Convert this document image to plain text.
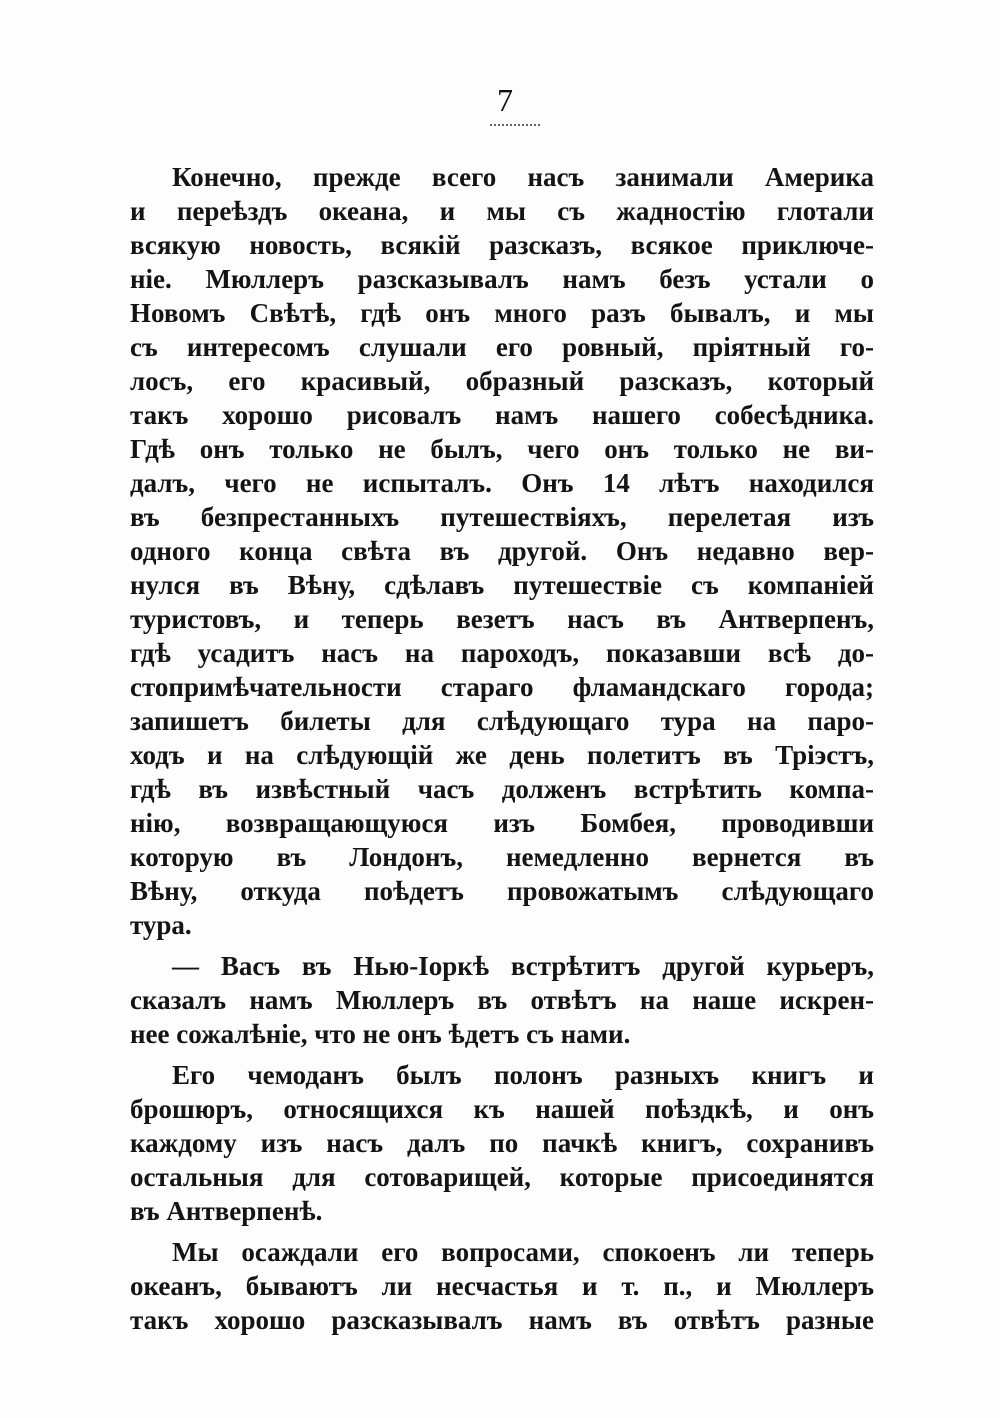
7
Конечно, прежде всего насъ занимали Америка
и переѣздъ океана, и мы съ жадностію глотали
всякую новость, всякій разсказъ, всякое приключе-
ніе. Мюллеръ разсказывалъ намъ безъ устали о
Новомъ Свѣтѣ, гдѣ онъ много разъ бывалъ, и мы
съ интересомъ слушали его ровный, пріятный го-
лосъ, его красивый, образный разсказъ, который
такъ хорошо рисовалъ намъ нашего собесѣдника.
Гдѣ онъ только не былъ, чего онъ только не ви-
далъ, чего не испыталъ. Онъ 14 лѣтъ находился
въ безпрестанныхъ путешествіяхъ, перелетая изъ
одного конца свѣта въ другой. Онъ недавно вер-
нулся въ Вѣну, сдѣлавъ путешествіе съ компаніей
туристовъ, и теперь везетъ насъ въ Антверпенъ,
гдѣ усадитъ насъ на пароходъ, показавши всѣ до-
стопримѣчательности стараго фламандскаго города;
запишетъ билеты для слѣдующаго тура на паро-
ходъ и на слѣдующій же день полетитъ въ Тріэстъ,
гдѣ въ извѣстный часъ долженъ встрѣтить компа-
нію, возвращающуюся изъ Бомбея, проводивши
которую въ Лондонъ, немедленно вернется въ
Вѣну, откуда поѣдетъ провожатымъ слѣдующаго
тура.
— Васъ въ Нью-Іоркѣ встрѣтитъ другой курьеръ,
сказалъ намъ Мюллеръ въ отвѣтъ на наше искрен-
нее сожалѣніе, что не онъ ѣдетъ съ нами.
Его чемоданъ былъ полонъ разныхъ книгъ и
брошюръ, относящихся къ нашей поѣздкѣ, и онъ
каждому изъ насъ далъ по пачкѣ книгъ, сохранивъ
остальныя для сотоварищей, которые присоединятся
въ Антверпенѣ.
Мы осаждали его вопросами, спокоенъ ли теперь
океанъ, бываютъ ли несчастья и т. п., и Мюллеръ
такъ хорошо разсказывалъ намъ въ отвѣтъ разные
